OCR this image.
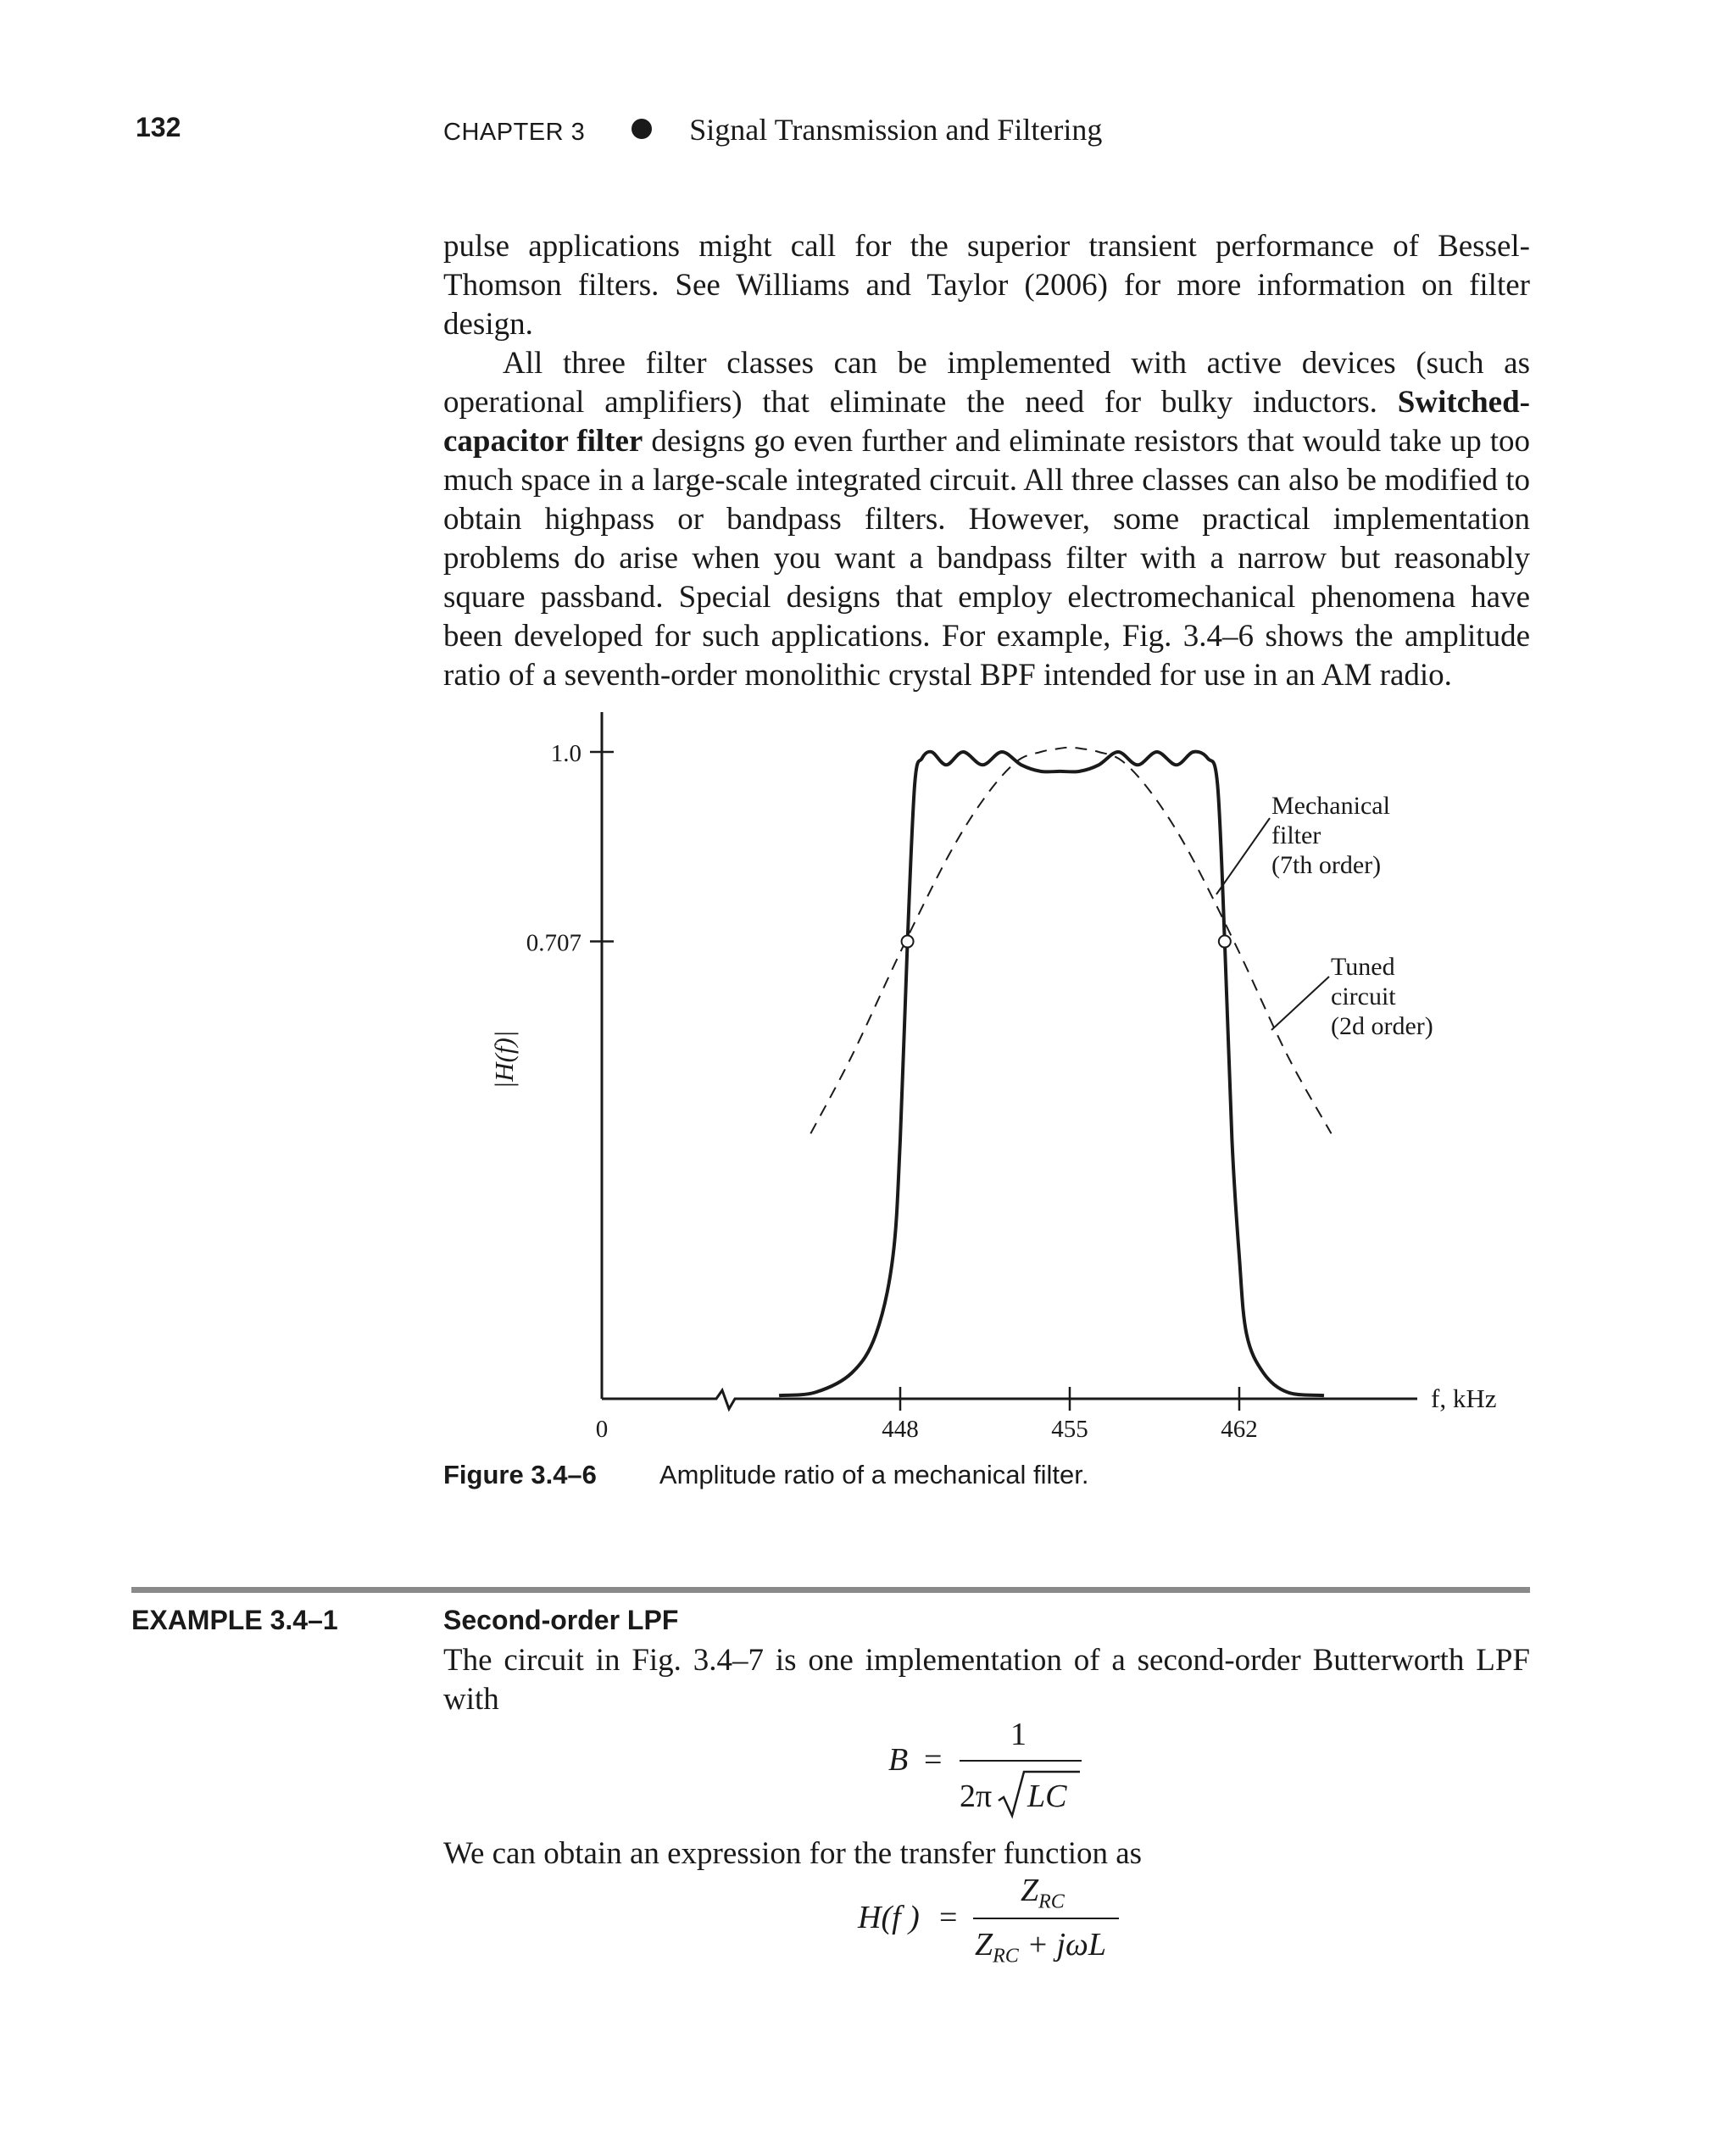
132	CHAPTER 3	Signal Transmission and Filtering

pulse applications might call for the superior transient performance of Bessel-Thomson filters. See Williams and Taylor (2006) for more information on filter design.

All three filter classes can be implemented with active devices (such as operational amplifiers) that eliminate the need for bulky inductors. Switched-capacitor filter designs go even further and eliminate resistors that would take up too much space in a large-scale integrated circuit. All three classes can also be modified to obtain highpass or bandpass filters. However, some practical implementation problems do arise when you want a bandpass filter with a narrow but reasonably square passband. Special designs that employ electromechanical phenomena have been developed for such applications. For example, Fig. 3.4–6 shows the amplitude ratio of a seventh-order monolithic crystal BPF intended for use in an AM radio.

1.0
0.707
448	455	462
0
f, kHz
|H(f)|
Mechanical
filter
(7th order)
Tuned
circuit
(2d order)
Figure 3.4–6 Amplitude ratio of a mechanical filter.
EXAMPLE 3.4–1	Second-order LPF
The circuit in Fig. 3.4–7 is one implementation of a second-order Butterworth LPF with
B =
1
2π LC
We can obtain an expression for the transfer function as
H(f ) =
$Z_{RC}$
$Z_{RC} + j\omega L$
